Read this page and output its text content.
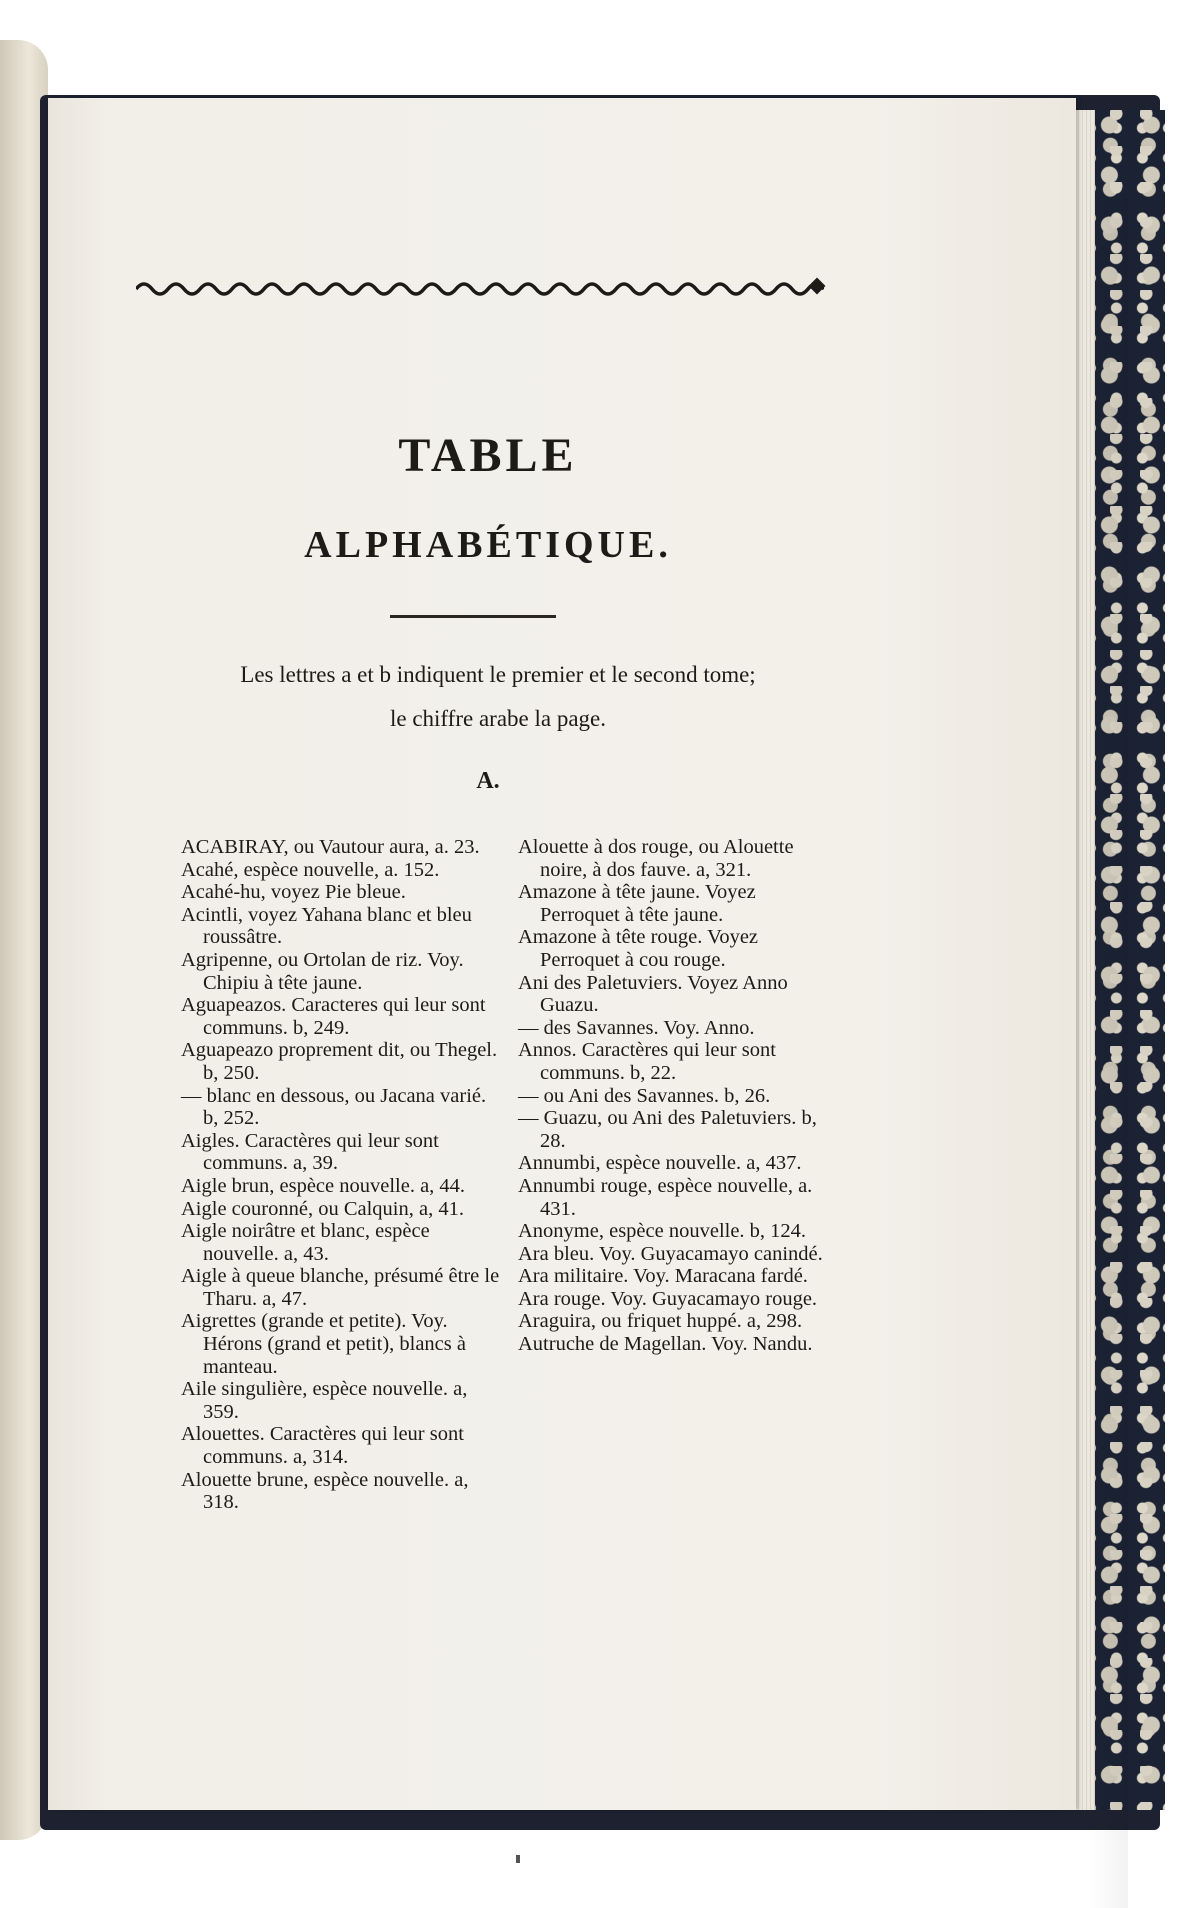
TABLE
ALPHABÉTIQUE.
Les lettres a et b indiquent le premier et le second tome;
le chiffre arabe la page.
A.

ACABIRAY, ou Vautour aura, a. 23.

Acahé, espèce nouvelle, a. 152.

Acahé-hu, voyez Pie bleue.

Acintli, voyez Yahana blanc et bleu roussâtre.

Agripenne, ou Ortolan de riz. Voy. Chipiu à tête jaune.

Aguapeazos. Caracteres qui leur sont communs. b, 249.

Aguapeazo proprement dit, ou Thegel. b, 250.

— blanc en dessous, ou Jacana varié. b, 252.

Aigles. Caractères qui leur sont communs. a, 39.

Aigle brun, espèce nouvelle. a, 44.

Aigle couronné, ou Calquin, a, 41.

Aigle noirâtre et blanc, espèce nouvelle. a, 43.

Aigle à queue blanche, présumé être le Tharu. a, 47.

Aigrettes (grande et petite). Voy. Hérons (grand et petit), blancs à manteau.

Aile singulière, espèce nouvelle. a, 359.

Alouettes. Caractères qui leur sont communs. a, 314.

Alouette brune, espèce nouvelle. a, 318.

Alouette à dos rouge, ou Alouette noire, à dos fauve. a, 321.

Amazone à tête jaune. Voyez Perroquet à tête jaune.

Amazone à tête rouge. Voyez Perroquet à cou rouge.

Ani des Paletuviers. Voyez Anno Guazu.

— des Savannes. Voy. Anno.

Annos. Caractères qui leur sont communs. b, 22.

— ou Ani des Savannes. b, 26.

— Guazu, ou Ani des Paletuviers. b, 28.

Annumbi, espèce nouvelle. a, 437.

Annumbi rouge, espèce nouvelle, a. 431.

Anonyme, espèce nouvelle. b, 124.

Ara bleu. Voy. Guyacamayo canindé.

Ara militaire. Voy. Maracana fardé.

Ara rouge. Voy. Guyacamayo rouge.

Araguira, ou friquet huppé. a, 298.

Autruche de Magellan. Voy. Nandu.
